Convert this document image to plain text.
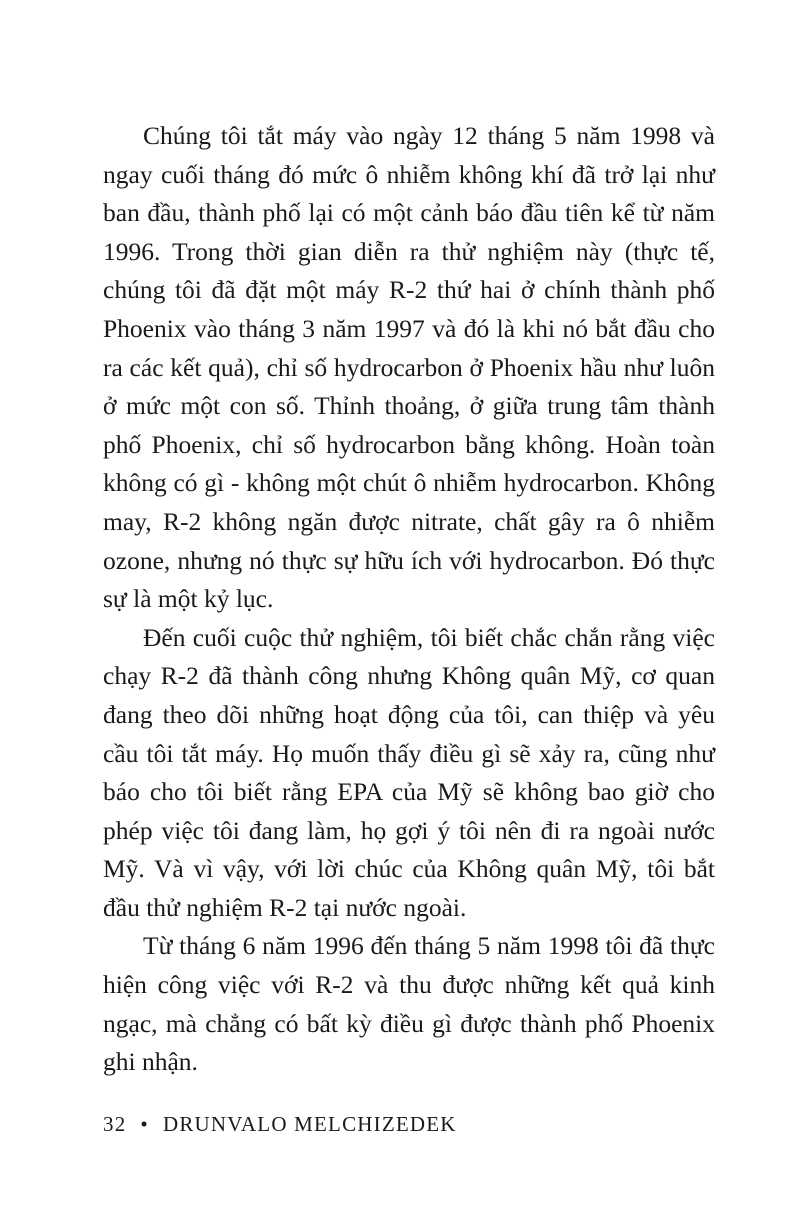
Chúng tôi tắt máy vào ngày 12 tháng 5 năm 1998 và ngay cuối tháng đó mức ô nhiễm không khí đã trở lại như ban đầu, thành phố lại có một cảnh báo đầu tiên kể từ năm 1996. Trong thời gian diễn ra thử nghiệm này (thực tế, chúng tôi đã đặt một máy R-2 thứ hai ở chính thành phố Phoenix vào tháng 3 năm 1997 và đó là khi nó bắt đầu cho ra các kết quả), chỉ số hydrocarbon ở Phoenix hầu như luôn ở mức một con số. Thỉnh thoảng, ở giữa trung tâm thành phố Phoenix, chỉ số hydrocarbon bằng không. Hoàn toàn không có gì - không một chút ô nhiễm hydrocarbon. Không may, R-2 không ngăn được nitrate, chất gây ra ô nhiễm ozone, nhưng nó thực sự hữu ích với hydrocarbon. Đó thực sự là một kỷ lục.

Đến cuối cuộc thử nghiệm, tôi biết chắc chắn rằng việc chạy R-2 đã thành công nhưng Không quân Mỹ, cơ quan đang theo dõi những hoạt động của tôi, can thiệp và yêu cầu tôi tắt máy. Họ muốn thấy điều gì sẽ xảy ra, cũng như báo cho tôi biết rằng EPA của Mỹ sẽ không bao giờ cho phép việc tôi đang làm, họ gợi ý tôi nên đi ra ngoài nước Mỹ. Và vì vậy, với lời chúc của Không quân Mỹ, tôi bắt đầu thử nghiệm R-2 tại nước ngoài.

Từ tháng 6 năm 1996 đến tháng 5 năm 1998 tôi đã thực hiện công việc với R-2 và thu được những kết quả kinh ngạc, mà chẳng có bất kỳ điều gì được thành phố Phoenix ghi nhận.

32 • DRUNVALO MELCHIZEDEK
